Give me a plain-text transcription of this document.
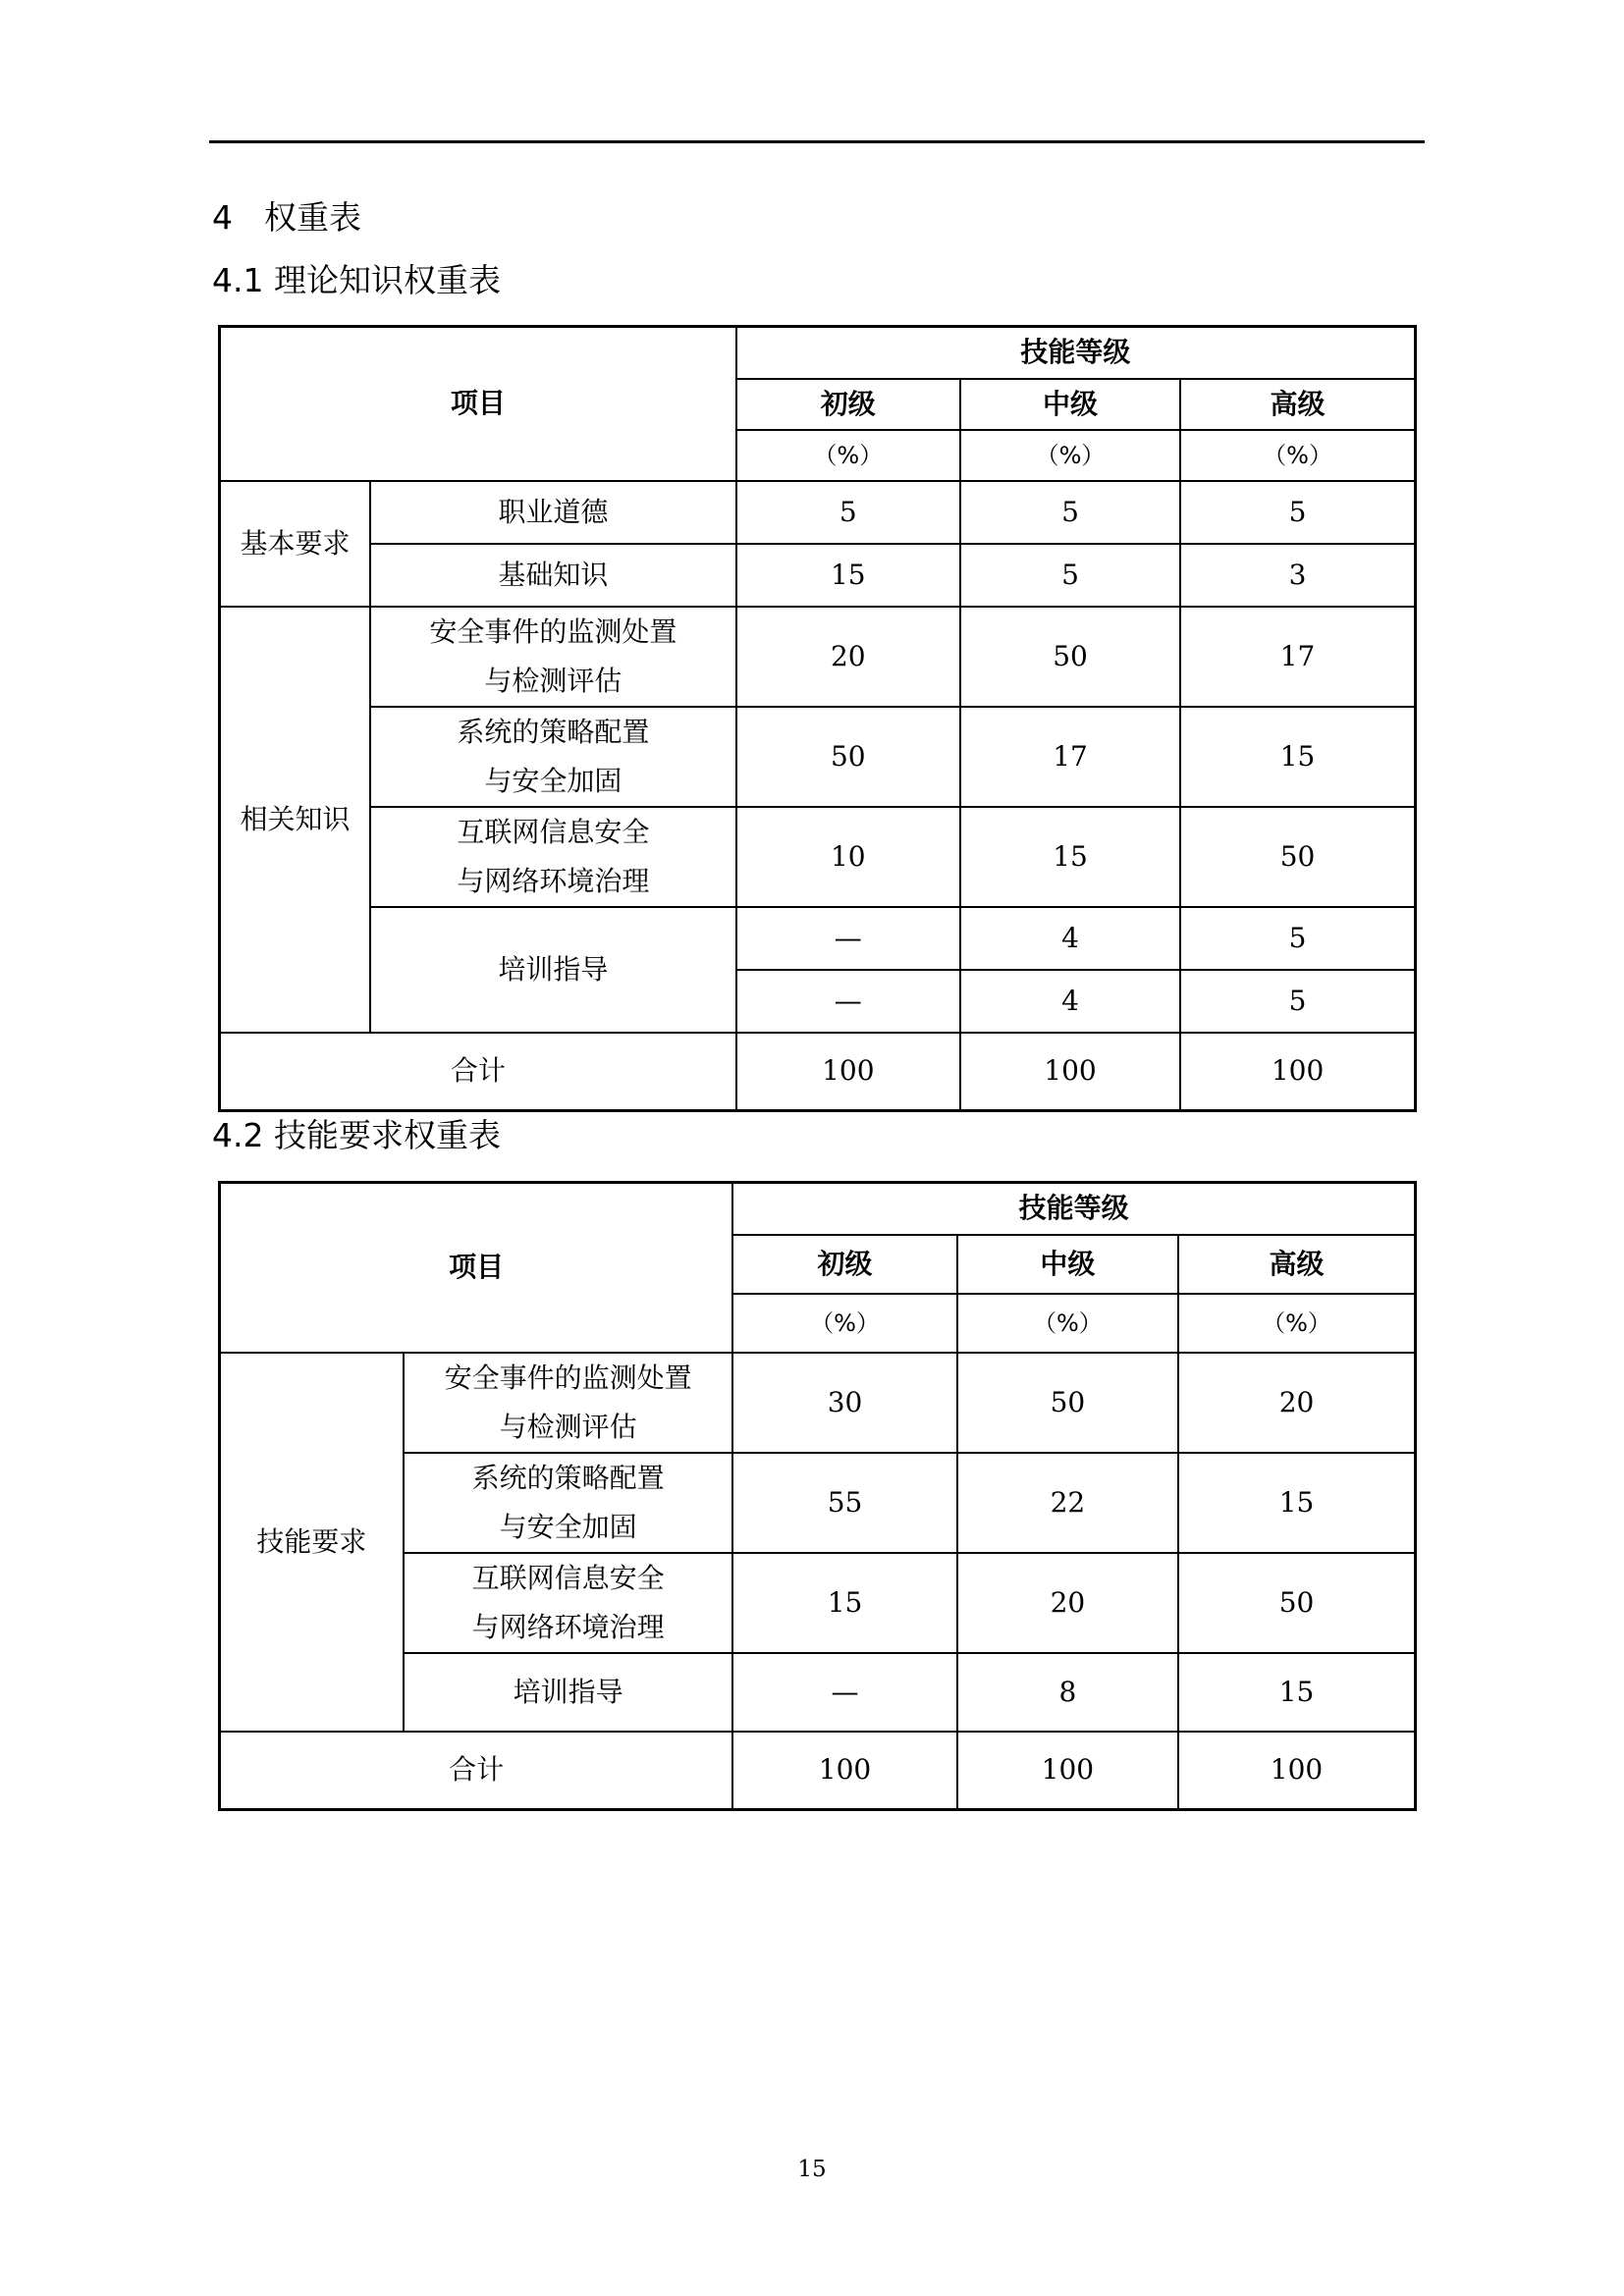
4 权重表
4.1 理论知识权重表
项目		技能等级		
		初级	中级	高级
		（%）	（%）	（%）
基本要求	职业道德	5	5	5
	基础知识	15	5	3
相关知识	安全事件的监测处置
与检测评估	20	50	17

	系统的策略配置
与安全加固	50	17	15

	互联网信息安全
与网络环境治理	10	15	50
	培训指导	—	4	5
		—	4	5
合计		100	100	100
4.2 技能要求权重表
项目		技能等级		
		初级	中级	高级
		（%）	（%）	（%）
技能要求	安全事件的监测处置
与检测评估	30	50	20

	系统的策略配置
与安全加固	55	22	15

	互联网信息安全
与网络环境治理	15	20	50
	培训指导	—	8	15
合计		100	100	100
15
